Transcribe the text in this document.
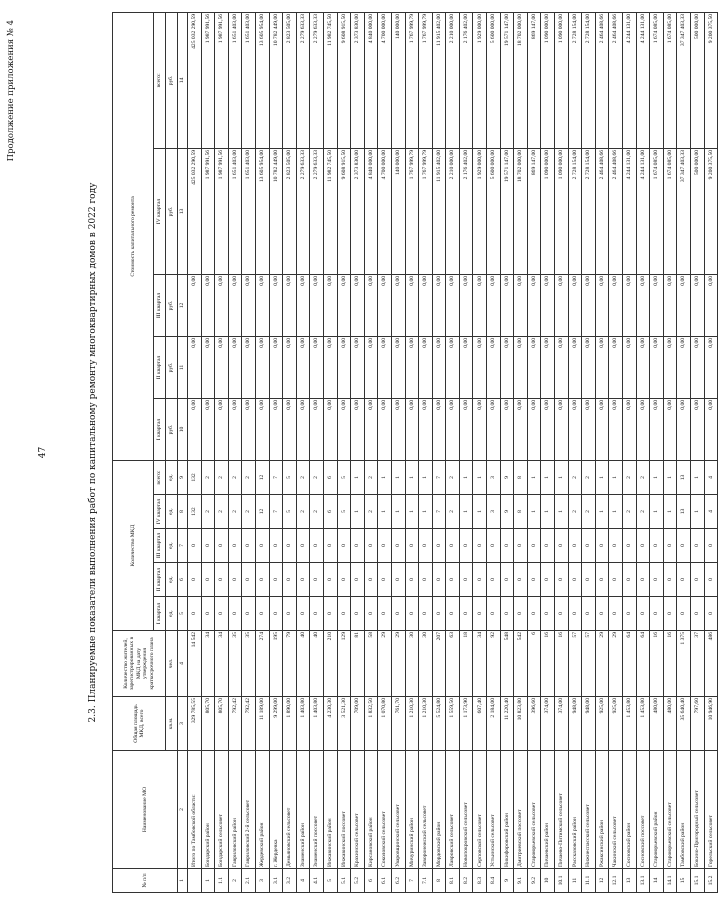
Продолжение приложения № 4
47	2.3. Планируемые показатели выполнения работ по капитальному ремонту многоквартирных домов в 2022 году
№ п/п	Наименование МО	Общая площадь МКД, всего	Количество жителей, зарегистрированных в МКД на дату утверждения краткосрочного плана	Количество МКД					Стоимость капитального ремонта				
				I квартал	II квартал	III квартал	IV квартал	всего:	I квартал	II квартал	III квартал	IV квартал	всего:
		кв.м.	чел.	ед.	ед.	ед.	ед.	ед.	руб.	руб.	руб.	руб.	руб.
1	2	3	4	5	6	7	8	9	10	11	12	13	14
	Итого по Тамбовской области:	329 785,55	14 542	0	0	0	132	132	0,00	0,00	0,00	425 032 290,59	425 032 290,59
1	Бондарский район	805,70	34	0	0	0	2	2	0,00	0,00	0,00	1 987 991,56	1 987 991,56
1.1	Бондарский сельсовет	805,70	34	0	0	0	2	2	0,00	0,00	0,00	1 987 991,56	1 987 991,56
2	Гавриловский район	792,42	35	0	0	0	2	2	0,00	0,00	0,00	1 651 403,00	1 651 403,00
2.1	Гавриловский 2-й сельсовет	792,42	35	0	0	0	2	2	0,00	0,00	0,00	1 651 403,00	1 651 403,00
3	Жердевский район	11 189,00	274	0	0	0	12	12	0,00	0,00	0,00	13 605 954,00	13 605 954,00
3.1	г. Жердевка	9 299,00	195	0	0	0	7	7	0,00	0,00	0,00	10 782 449,00	10 782 449,00
3.2	Демьяновский сельсовет	1 890,00	79	0	0	0	5	5	0,00	0,00	0,00	2 823 505,00	2 823 505,00
4	Знаменский район	1 403,80	40	0	0	0	2	2	0,00	0,00	0,00	2 279 633,33	2 279 633,33
4.1	Знаменский поссовет	1 403,80	40	0	0	0	2	2	0,00	0,00	0,00	2 279 633,33	2 279 633,33
5	Инжавинский район	4 230,30	210	0	0	0	6	6	0,00	0,00	0,00	11 982 745,50	11 982 745,50
5.1	Инжавинский поссовет	3 521,30	129	0	0	0	5	5	0,00	0,00	0,00	9 608 915,50	9 608 915,50
5.2	Крахинский сельсовет	709,00	81	0	0	0	1	1	0,00	0,00	0,00	2 373 830,00	2 373 830,00
6	Кирсановский район	1 832,50	58	0	0	0	2	2	0,00	0,00	0,00	4 840 000,00	4 840 000,00
6.1	Соколовский сельсовет	1 070,80	29	0	0	0	1	1	0,00	0,00	0,00	4 700 000,00	4 700 000,00
6.2	Уваровщинский сельсовет	761,70	29	0	0	0	1	1	0,00	0,00	0,00	140 000,00	140 000,00
7	Мичуринский район	1 210,30	30	0	0	0	1	1	0,00	0,00	0,00	1 767 999,79	1 767 999,79
7.1	Заворонежский сельсовет	1 210,30	30	0	0	0	1	1	0,00	0,00	0,00	1 767 999,79	1 767 999,79
8	Мордовский район	5 524,80	207	0	0	0	7	7	0,00	0,00	0,00	11 915 402,00	11 915 402,00
8.1	Лавровский сельсовет	1 559,50	63	0	0	0	2	2	0,00	0,00	0,00	2 210 000,00	2 210 000,00
8.2	Новопокровский сельсовет	1 173,90	18	0	0	0	1	1	0,00	0,00	0,00	2 176 402,00	2 176 402,00
8.3	Серповской сельсовет	607,40	34	0	0	0	1	1	0,00	0,00	0,00	1 929 000,00	1 929 000,00
8.4	Устьинский сельсовет	2 184,00	92	0	0	0	3	3	0,00	0,00	0,00	5 600 000,00	5 600 000,00
9	Никифоровский район	11 220,40	548	0	0	0	9	9	0,00	0,00	0,00	19 571 147,00	19 571 147,00
9.1	Дмитриевский поссовет	10 823,80	542	0	0	0	8	8	0,00	0,00	0,00	18 702 000,00	18 702 000,00
9.2	Староюрьевский сельсовет	396,60	6	0	0	0	1	1	0,00	0,00	0,00	869 147,00	869 147,00
10	Пичаевский район	374,00	16	0	0	0	1	1	0,00	0,00	0,00	1 090 000,00	1 090 000,00
10.1	Пичаево-Питимский сельсовет	374,00	16	0	0	0	1	1	0,00	0,00	0,00	1 090 000,00	1 090 000,00
11	Рассказовский район	948,00	57	0	0	0	2	2	0,00	0,00	0,00	2 728 154,00	2 728 154,00
11.1	Нижнеспасский сельсовет	948,00	57	0	0	0	2	2	0,00	0,00	0,00	2 728 154,00	2 728 154,00
12	Ржаксинский район	925,00	29	0	0	0	1	1	0,00	0,00	0,00	2 464 408,66	2 464 408,66
12.1	Чакинский сельсовет	925,00	29	0	0	0	1	1	0,00	0,00	0,00	2 464 408,66	2 464 408,66
13	Сосновский район	1 453,80	64	0	0	0	2	2	0,00	0,00	0,00	4 244 131,00	4 244 131,00
13.1	Сосновский поссовет	1 453,80	64	0	0	0	2	2	0,00	0,00	0,00	4 244 131,00	4 244 131,00
14	Староюрьевский район	480,00	16	0	0	0	1	1	0,00	0,00	0,00	1 674 085,00	1 674 085,00
14.1	Староюрьевский сельсовет	480,00	16	0	0	0	1	1	0,00	0,00	0,00	1 674 085,00	1 674 085,00
15	Тамбовский район	35 640,40	1 375	0	0	0	13	13	0,00	0,00	0,00	37 347 403,33	37 347 403,33
15.1	Бокино-Пригородный сельсовет	797,60	37	0	0	0	1	1	0,00	0,00	0,00	500 000,00	500 000,00
15.2	Горельский сельсовет	10 946,90	486	0	0	0	4	4	0,00	0,00	0,00	9 200 375,50	9 200 375,50
